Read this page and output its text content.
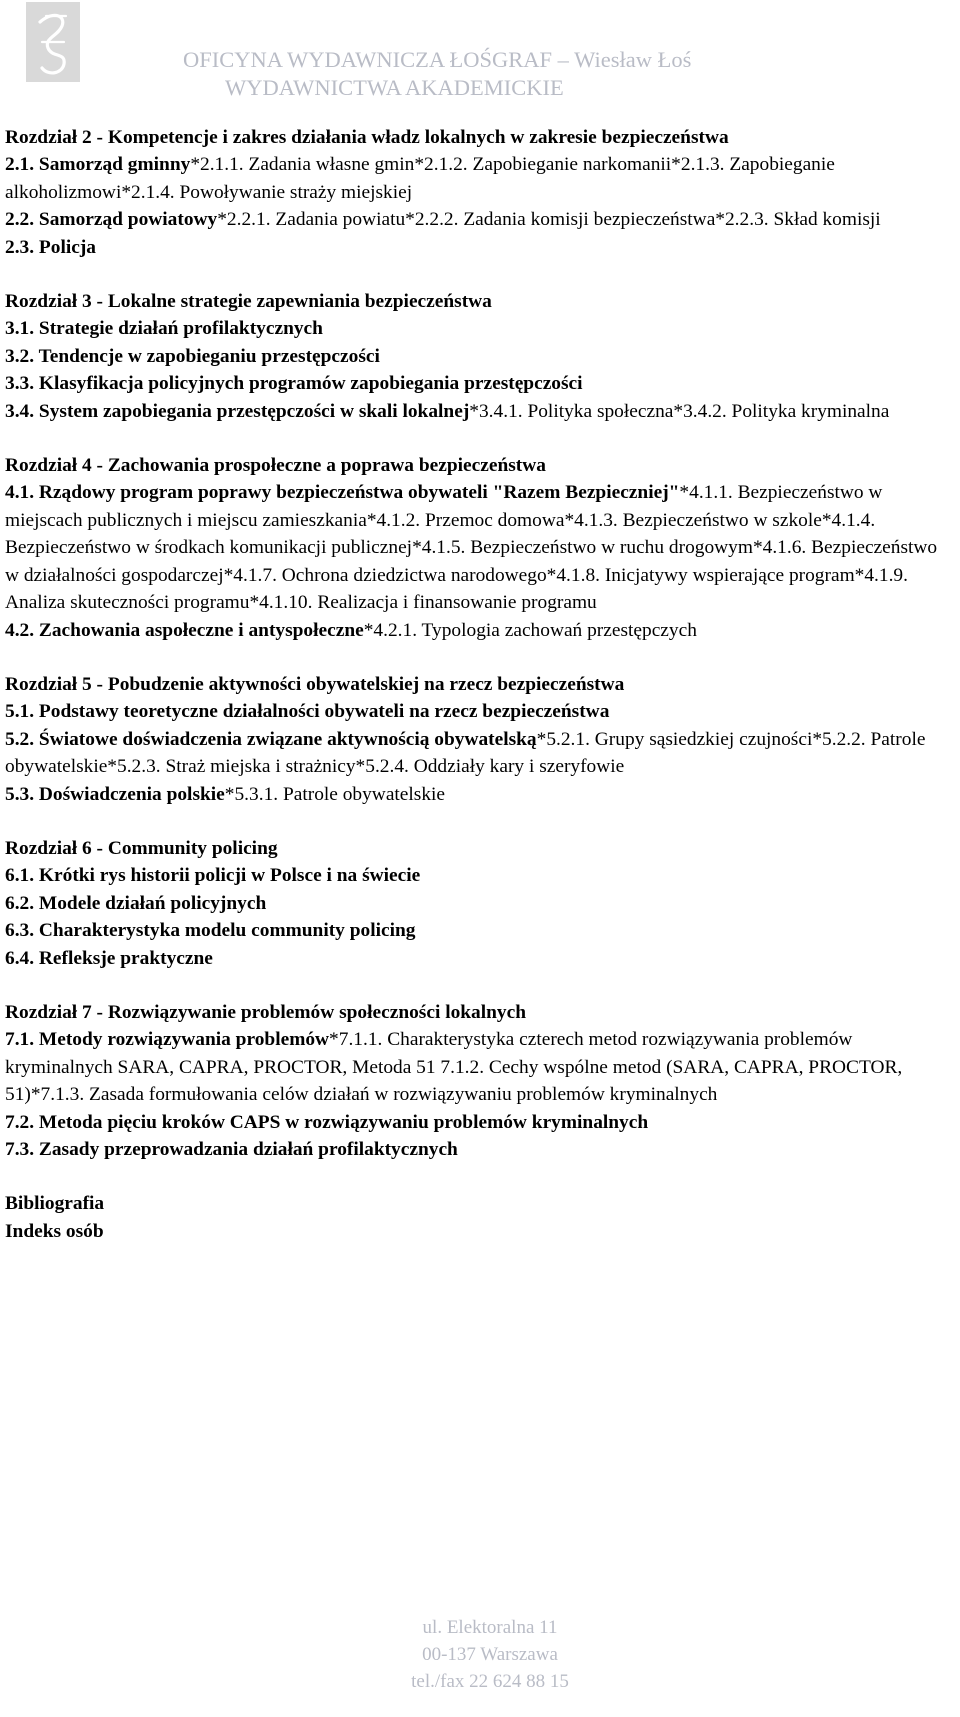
OFICYNA WYDAWNICZA ŁOŚGRAF – Wiesław Łoś
WYDAWNICTWA AKADEMICKIE
Rozdział 2 - Kompetencje i zakres działania władz lokalnych w zakresie bezpieczeństwa
2.1. Samorząd gminny*2.1.1. Zadania własne gmin*2.1.2. Zapobieganie narkomanii*2.1.3. Zapobieganie alkoholizmowi*2.1.4. Powoływanie straży miejskiej
2.2. Samorząd powiatowy*2.2.1. Zadania powiatu*2.2.2. Zadania komisji bezpieczeństwa*2.2.3. Skład komisji
2.3. Policja
Rozdział 3 - Lokalne strategie zapewniania bezpieczeństwa
3.1. Strategie działań profilaktycznych
3.2. Tendencje w zapobieganiu przestępczości
3.3. Klasyfikacja policyjnych programów zapobiegania przestępczości
3.4. System zapobiegania przestępczości w skali lokalnej*3.4.1. Polityka społeczna*3.4.2. Polityka kryminalna
Rozdział 4 - Zachowania prospołeczne a poprawa bezpieczeństwa
4.1. Rządowy program poprawy bezpieczeństwa obywateli "Razem Bezpieczniej"*4.1.1. Bezpieczeństwo w miejscach publicznych i miejscu zamieszkania*4.1.2. Przemoc domowa*4.1.3. Bezpieczeństwo w szkole*4.1.4. Bezpieczeństwo w środkach komunikacji publicznej*4.1.5. Bezpieczeństwo w ruchu drogowym*4.1.6. Bezpieczeństwo w działalności gospodarczej*4.1.7. Ochrona dziedzictwa narodowego*4.1.8. Inicjatywy wspierające program*4.1.9. Analiza skuteczności programu*4.1.10. Realizacja i finansowanie programu
4.2. Zachowania aspołeczne i antyspołeczne*4.2.1. Typologia zachowań przestępczych
Rozdział 5 - Pobudzenie aktywności obywatelskiej na rzecz bezpieczeństwa
5.1. Podstawy teoretyczne działalności obywateli na rzecz bezpieczeństwa
5.2. Światowe doświadczenia związane aktywnością obywatelską*5.2.1. Grupy sąsiedzkiej czujności*5.2.2. Patrole obywatelskie*5.2.3. Straż miejska i strażnicy*5.2.4. Oddziały kary i szeryfowie
5.3. Doświadczenia polskie*5.3.1. Patrole obywatelskie
Rozdział 6 - Community policing
6.1. Krótki rys historii policji w Polsce i na świecie
6.2. Modele działań policyjnych
6.3. Charakterystyka modelu community policing
6.4. Refleksje praktyczne
Rozdział 7 - Rozwiązywanie problemów społeczności lokalnych
7.1. Metody rozwiązywania problemów*7.1.1. Charakterystyka czterech metod rozwiązywania problemów kryminalnych SARA, CAPRA, PROCTOR, Metoda 51 7.1.2. Cechy wspólne metod (SARA, CAPRA, PROCTOR, 51)*7.1.3. Zasada formułowania celów działań w rozwiązywaniu problemów kryminalnych
7.2. Metoda pięciu kroków CAPS w rozwiązywaniu problemów kryminalnych
7.3. Zasady przeprowadzania działań profilaktycznych
Bibliografia
Indeks osób
ul. Elektoralna 11
00-137 Warszawa
tel./fax 22 624 88 15
